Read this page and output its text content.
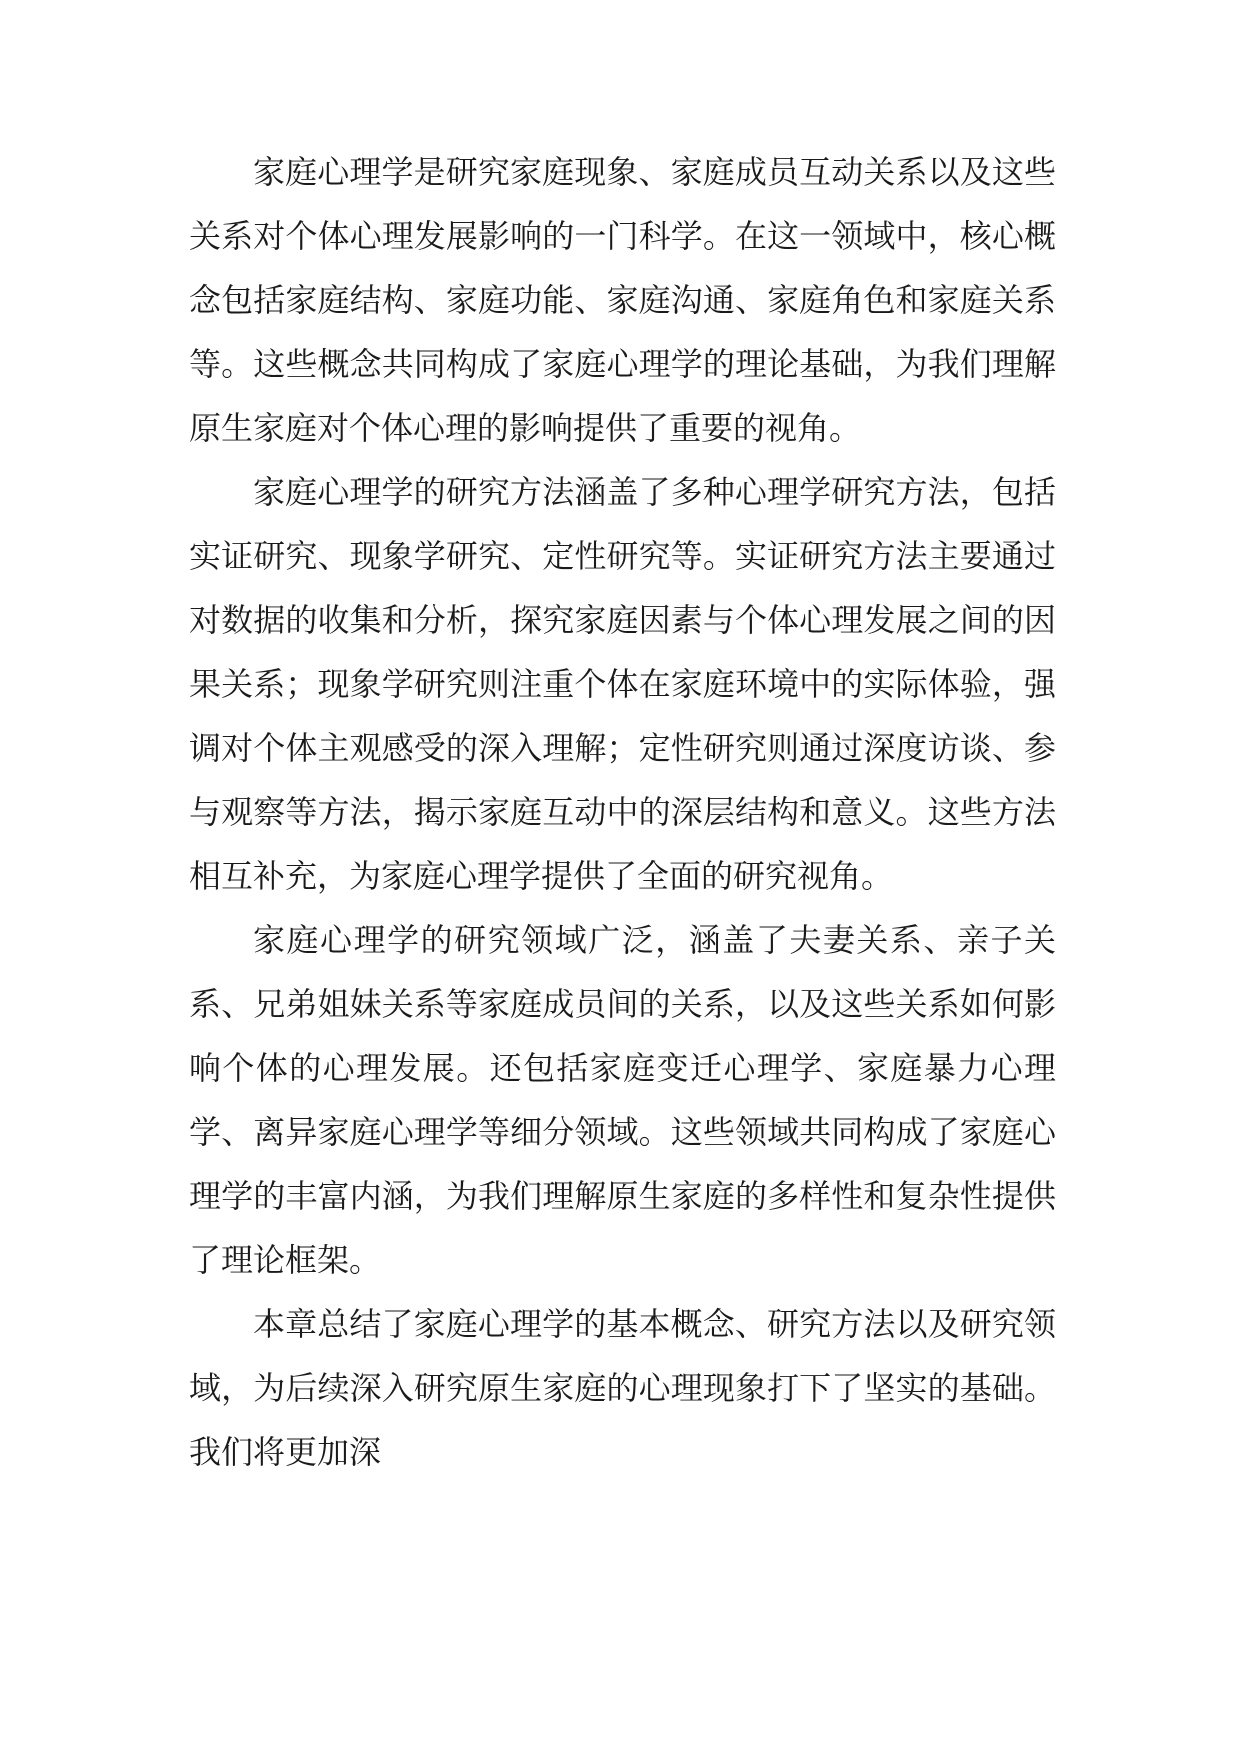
家庭心理学是研究家庭现象、家庭成员互动关系以及这些关系对个体心理发展影响的一门科学。在这一领域中，核心概念包括家庭结构、家庭功能、家庭沟通、家庭角色和家庭关系等。这些概念共同构成了家庭心理学的理论基础，为我们理解原生家庭对个体心理的影响提供了重要的视角。

家庭心理学的研究方法涵盖了多种心理学研究方法，包括实证研究、现象学研究、定性研究等。实证研究方法主要通过对数据的收集和分析，探究家庭因素与个体心理发展之间的因果关系；现象学研究则注重个体在家庭环境中的实际体验，强调对个体主观感受的深入理解；定性研究则通过深度访谈、参与观察等方法，揭示家庭互动中的深层结构和意义。这些方法相互补充，为家庭心理学提供了全面的研究视角。

家庭心理学的研究领域广泛，涵盖了夫妻关系、亲子关系、兄弟姐妹关系等家庭成员间的关系，以及这些关系如何影响个体的心理发展。还包括家庭变迁心理学、家庭暴力心理学、离异家庭心理学等细分领域。这些领域共同构成了家庭心理学的丰富内涵，为我们理解原生家庭的多样性和复杂性提供了理论框架。

本章总结了家庭心理学的基本概念、研究方法以及研究领域，为后续深入研究原生家庭的心理现象打下了坚实的基础。我们将更加深
